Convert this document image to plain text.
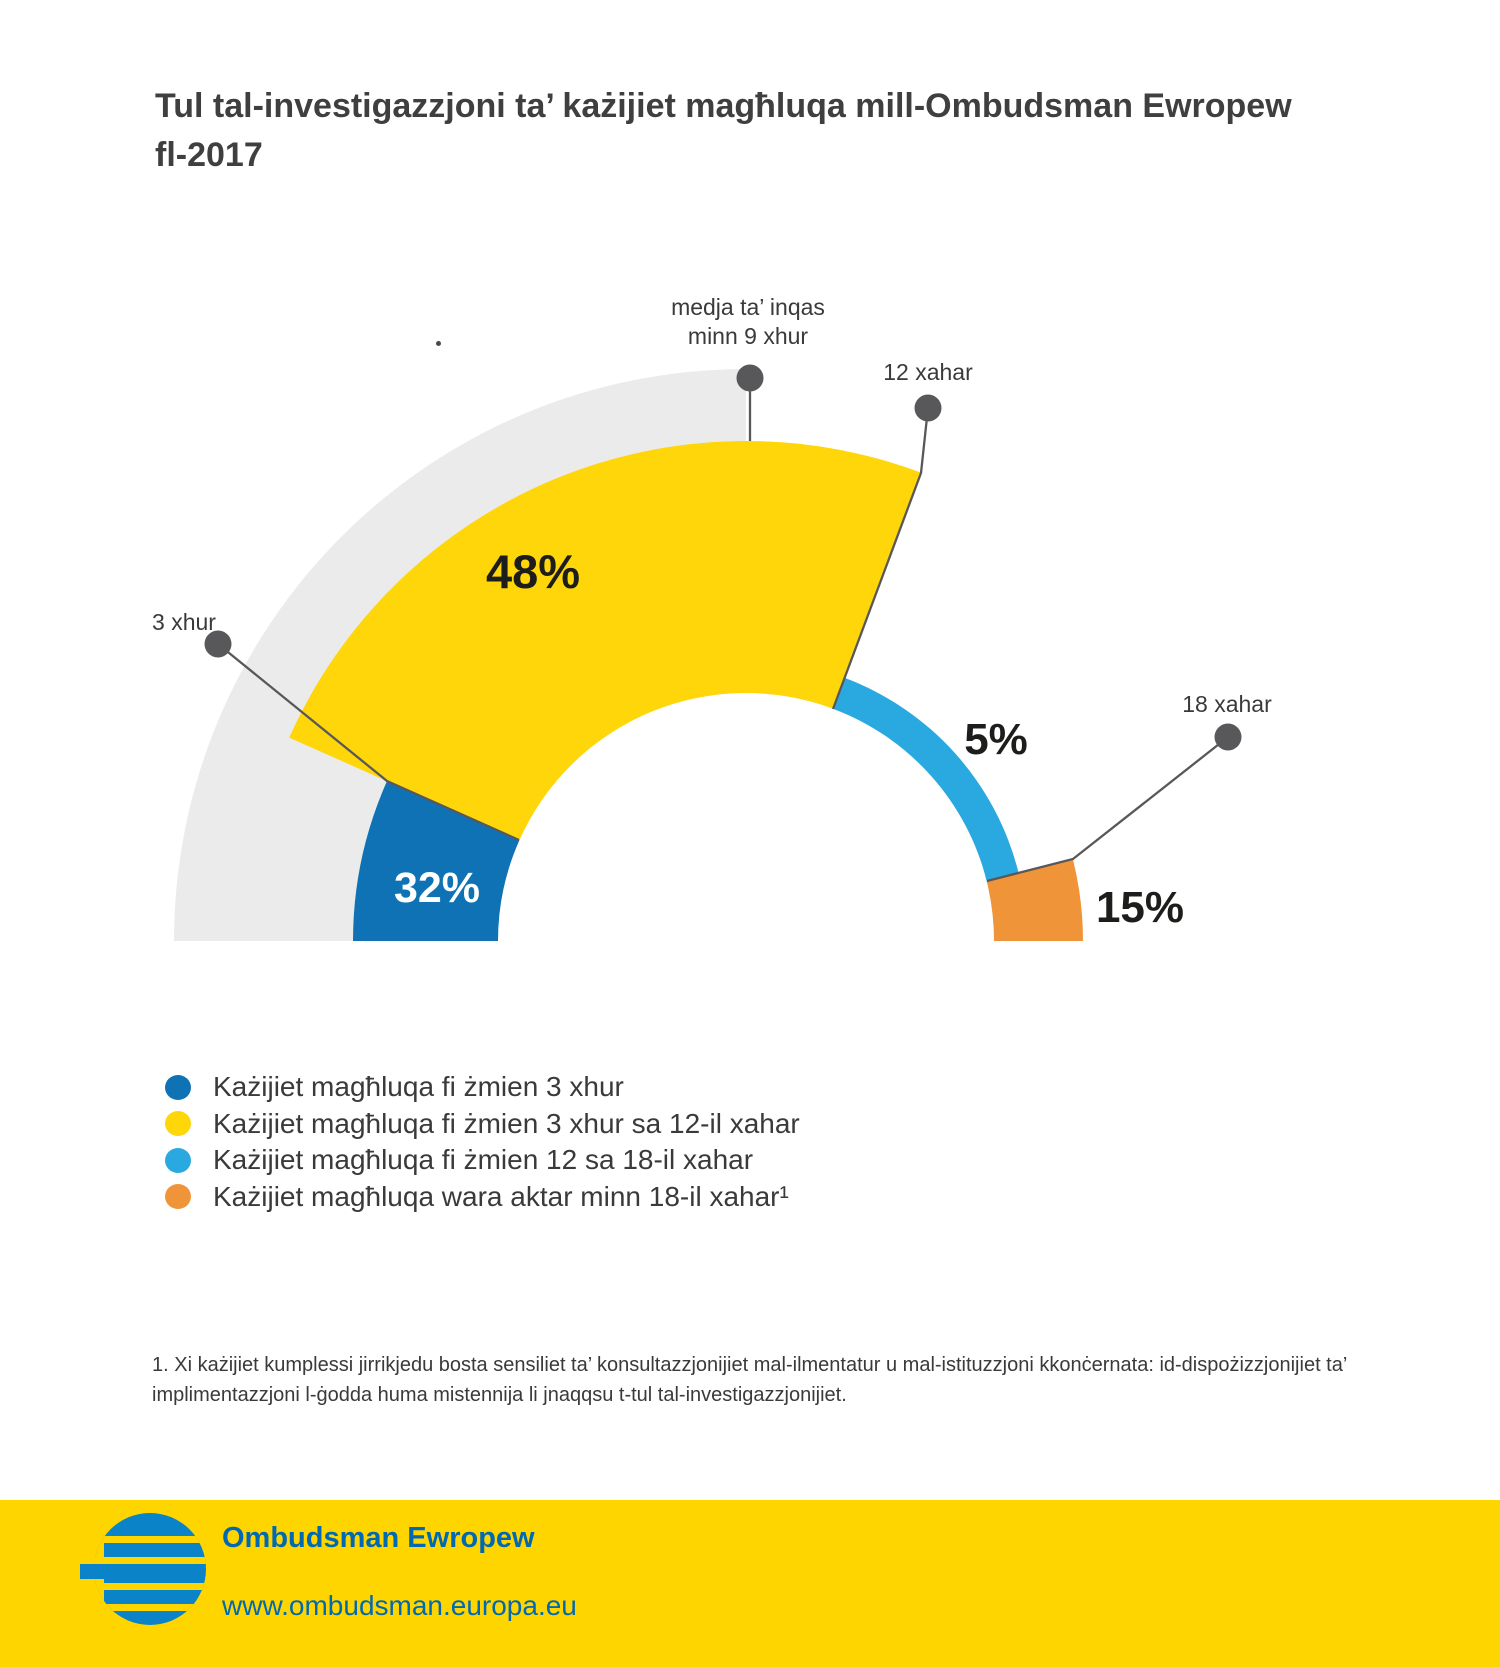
Tul tal-investigazzjoni ta’ każijiet magħluqa mill-Ombudsman Ewropew
fl-2017
medja ta’ inqas
minn 9 xhur
12 xahar
3 xhur
18 xahar
32%
48%
5%
15%
Każijiet magħluqa fi żmien 3 xhur
Każijiet magħluqa fi żmien 3 xhur sa 12-il xahar
Każijiet magħluqa fi żmien 12 sa 18-il xahar
Każijiet magħluqa wara aktar minn 18-il xahar¹
1. Xi każijiet kumplessi jirrikjedu bosta sensiliet ta’ konsultazzjonijiet mal-ilmentatur u mal-istituzzjoni kkonċernata: id-dispożizzjonijiet ta’ implimentazzjoni l-ġodda huma mistennija li jnaqqsu t-tul tal-investigazzjonijiet.
Ombudsman Ewropew
www.ombudsman.europa.eu
